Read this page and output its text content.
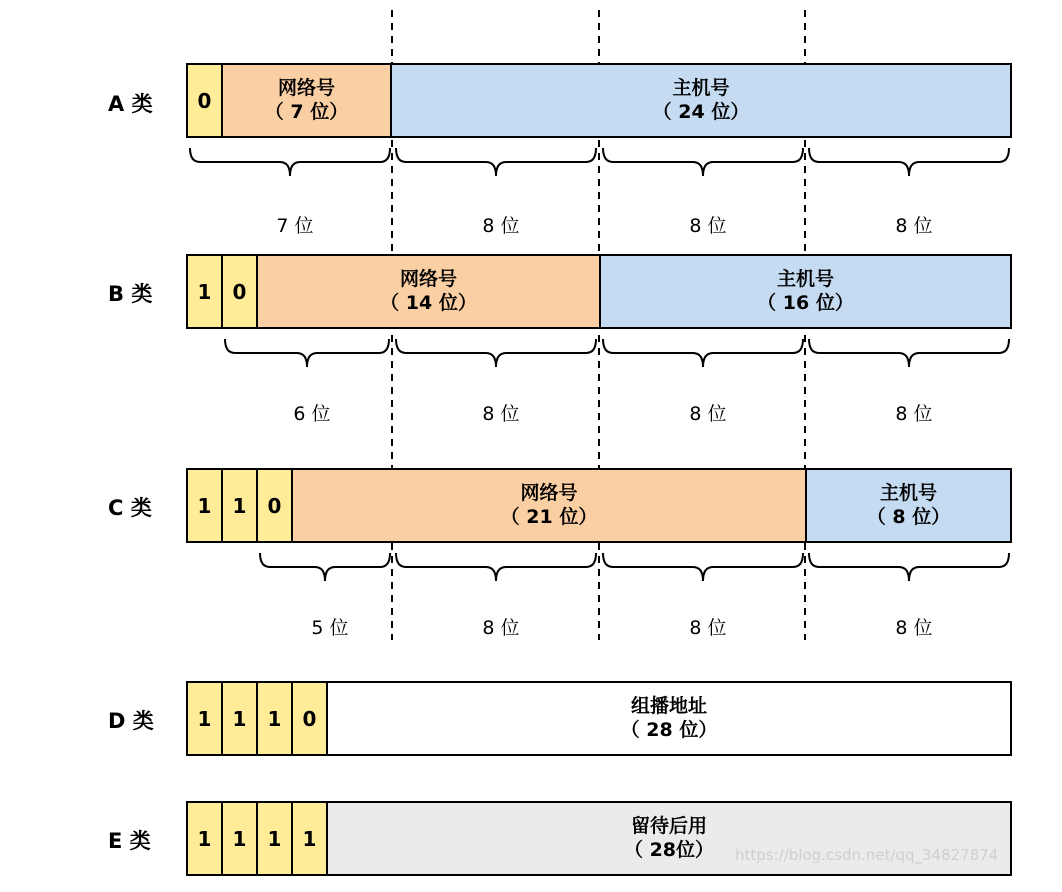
A 类	0
网络号
（ 7 位）
主机号
（ 24 位）
7 位	8 位	8 位	8 位
B 类	1	0
网络号
（ 14 位）
主机号
（ 16 位）
6 位	8 位	8 位	8 位
C 类	1	1	0
网络号
（ 21 位）
主机号
（ 8 位）
5 位	8 位	8 位	8 位
D 类	1	1	1	0
组播地址
（ 28 位）
E 类	1	1	1	1
留待后用
（ 28位） https://blog.csdn.net/qq_34827874
